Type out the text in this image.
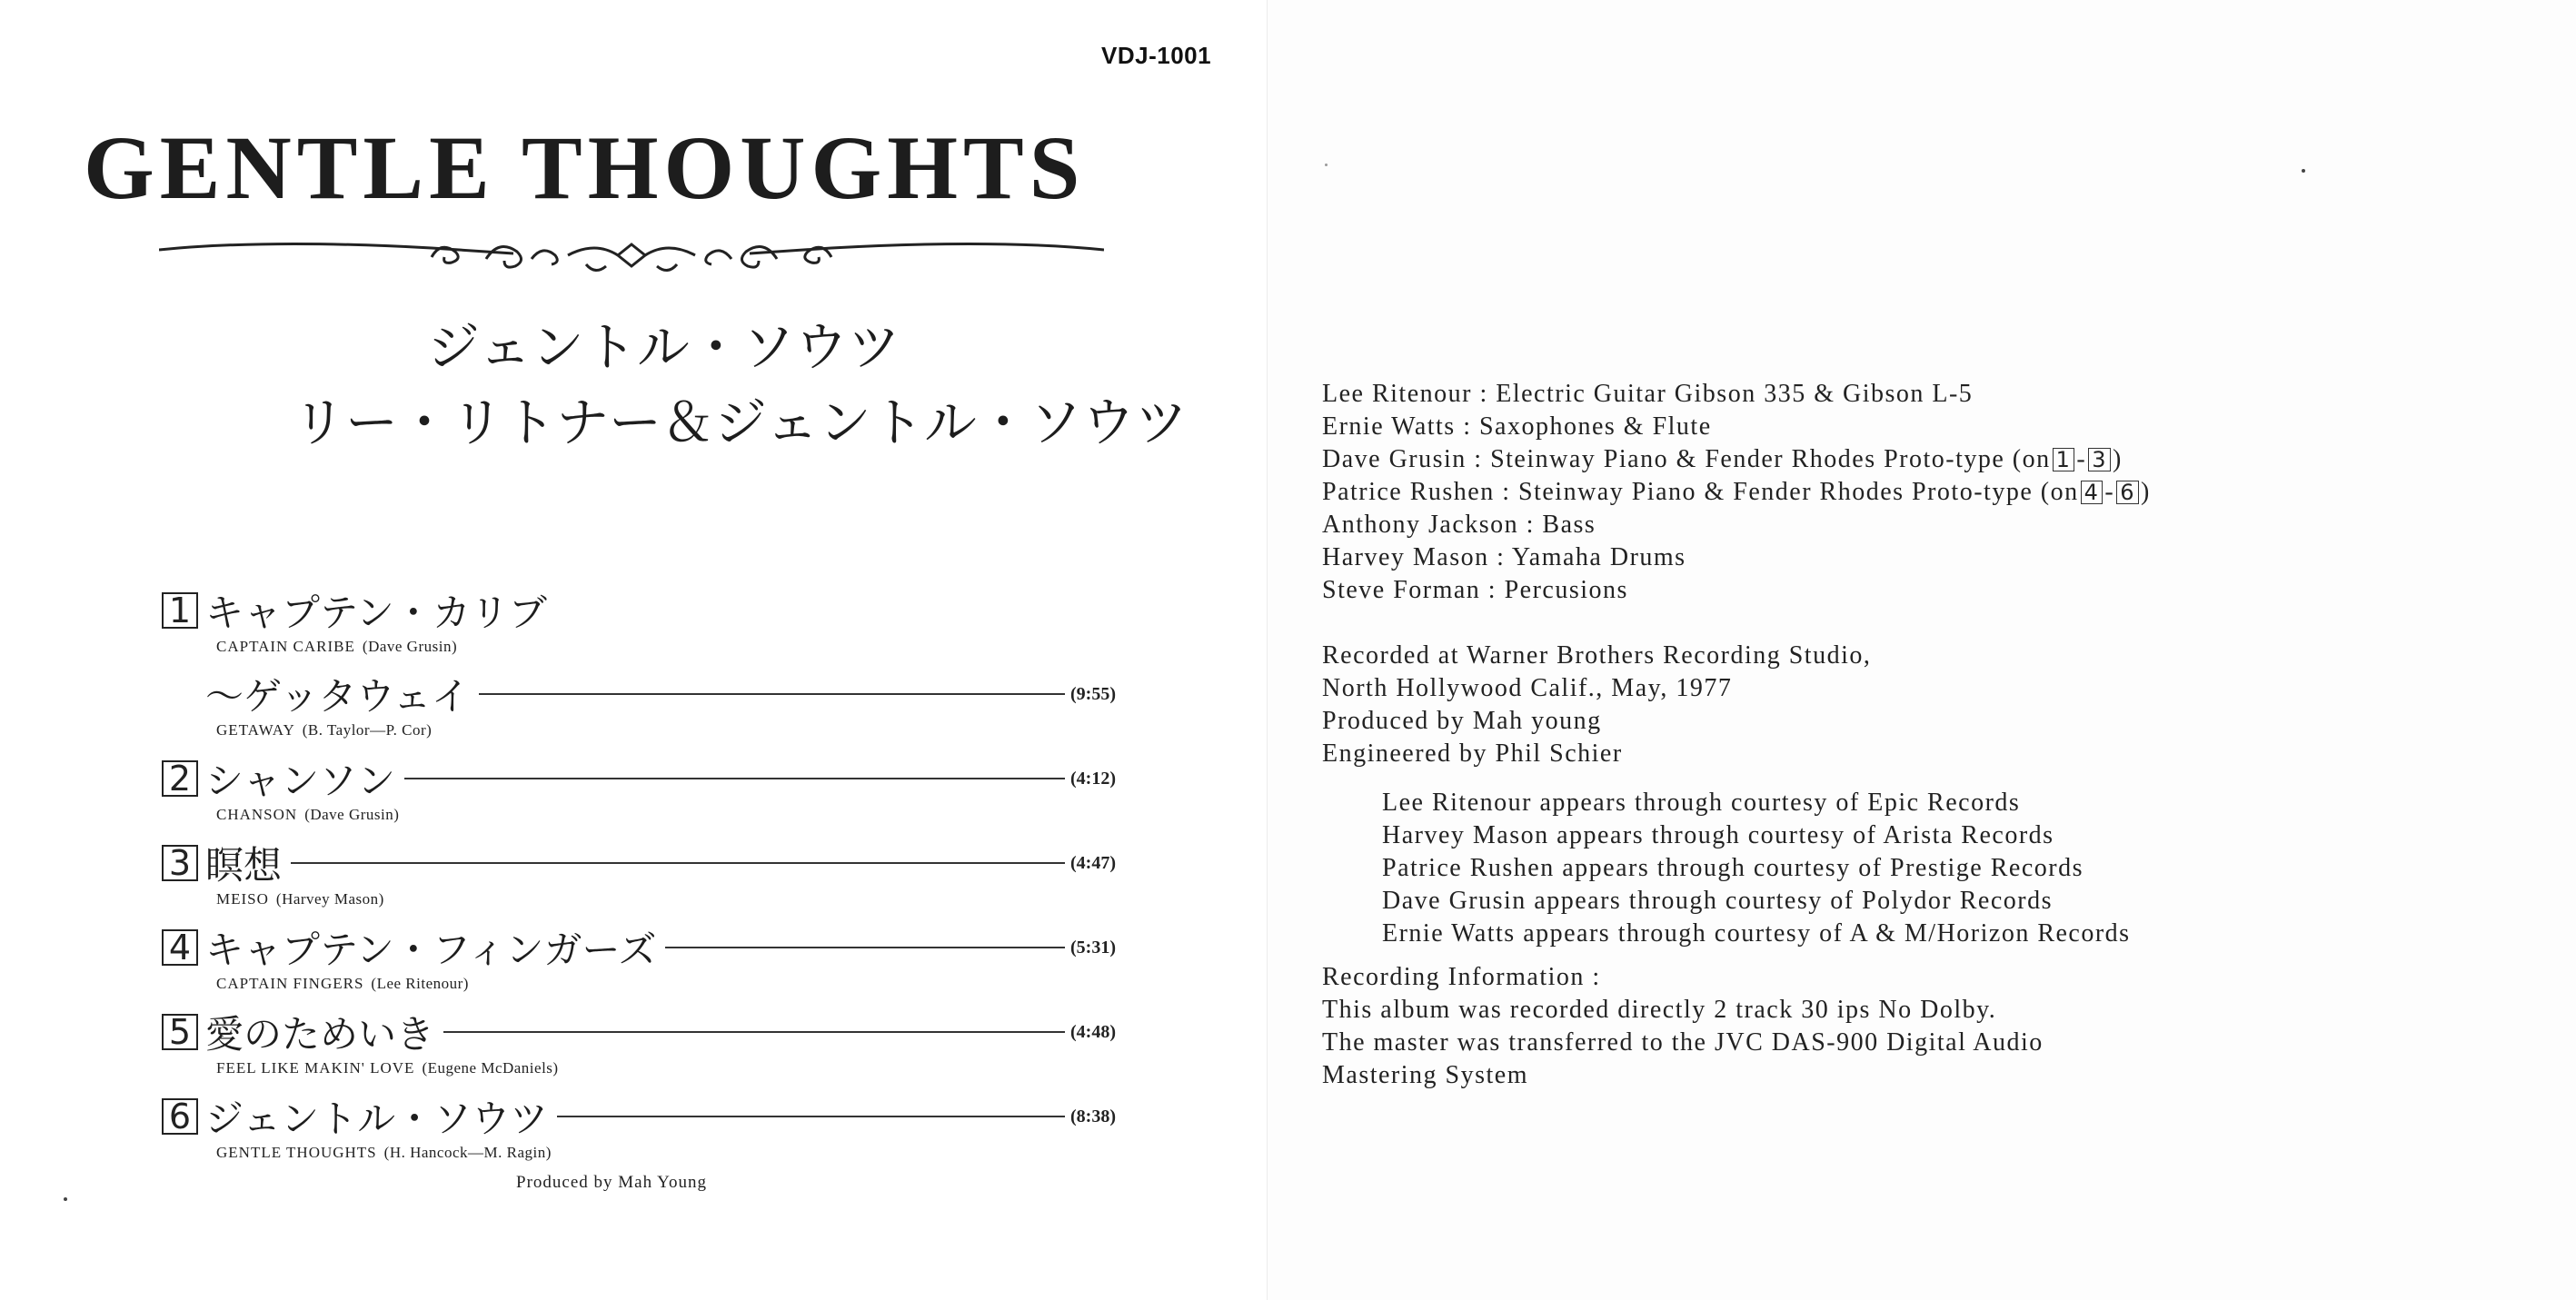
VDJ-1001
GENTLE THOUGHTS
ジェントル・ソウツ
リー・リトナー＆ジェントル・ソウツ
1 キャプテン・カリブ
CAPTAIN CARIBE (Dave Grusin)
～ゲッタウェイ	(9:55)
GETAWAY (B. Taylor—P. Cor)
2 シャンソン	(4:12)
CHANSON (Dave Grusin)
3 瞑想	(4:47)
MEISO (Harvey Mason)
4 キャプテン・フィンガーズ	(5:31)
CAPTAIN FINGERS (Lee Ritenour)
5 愛のためいき	(4:48)
FEEL LIKE MAKIN' LOVE (Eugene McDaniels)
6 ジェントル・ソウツ	(8:38)
GENTLE THOUGHTS (H. Hancock—M. Ragin)
Produced by Mah Young
Lee Ritenour : Electric Guitar Gibson 335 & Gibson L-5
Ernie Watts : Saxophones & Flute
Dave Grusin : Steinway Piano & Fender Rhodes Proto-type (on 1 - 3 )
Patrice Rushen : Steinway Piano & Fender Rhodes Proto-type (on 4 - 6 )
Anthony Jackson : Bass
Harvey Mason : Yamaha Drums
Steve Forman : Percusions
Recorded at Warner Brothers Recording Studio,
North Hollywood Calif., May, 1977
Produced by Mah young
Engineered by Phil Schier
Lee Ritenour appears through courtesy of Epic Records
Harvey Mason appears through courtesy of Arista Records
Patrice Rushen appears through courtesy of Prestige Records
Dave Grusin appears through courtesy of Polydor Records
Ernie Watts appears through courtesy of A & M/Horizon Records
Recording Information :
This album was recorded directly 2 track 30 ips No Dolby.
The master was transferred to the JVC DAS-900 Digital Audio
Mastering System
